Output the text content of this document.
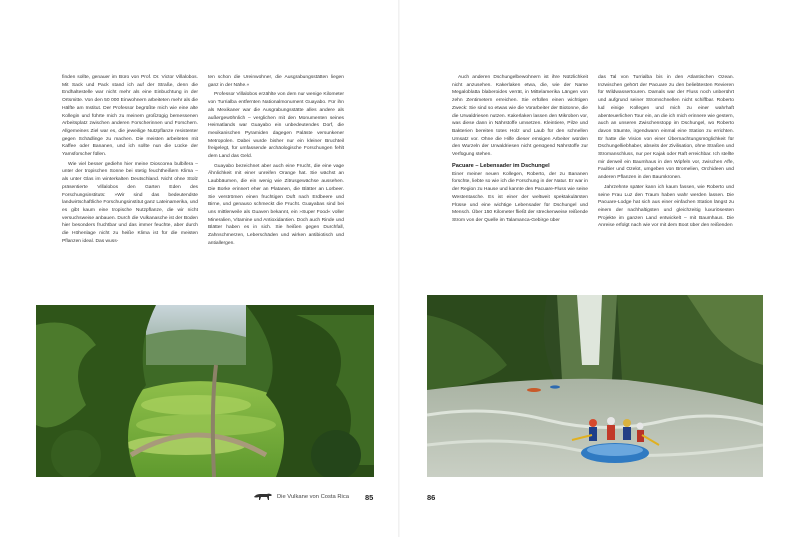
finden sollte, genauer im Büro von Prof. Dr. Victor Villalobos. Mit Sack und Pack stand ich auf der Straße, denn die Endhaltestelle war nicht mehr als eine Einbuchtung in der Ortsmitte. Von den 50 000 Einwohnern arbeiteten mehr als die Hälfte am Institut. Der Professor begrüßte mich wie eine alte Kollegin und führte mich zu meinem großzügig bemessenen Arbeitsplatz zwischen anderen Forscherinnen und Forschern. Allgemeines Ziel war es, die jeweilige Nutzpflanze resistenter gegen Schädlinge zu machen. Die meisten arbeiteten mit Kaffee oder Bananen, und ich sollte nun die Lücke der Yamsforscher füllen.

Wie viel besser gediehn hier meine Dioscorea bulbifera – unter der tropischen Sonne bei stetig feuchtheißem Klima – als unter Glas im winterkalten Deutschland. Nicht ohne Stolz präsentierte Villalobos den Garten Eden des Forschungsinstituts: »Wir sind das bedeutendste landwirtschaftliche Forschungsinstitut ganz Lateinamerika, und es gibt kaum eine tropische Nutzpflanze, die wir nicht versuchsweise anbauen. Durch die Vulkanasche ist der Boden hier besonders fruchtbar und das immer feuchte, aber durch die Höhenlage nicht zu heiße Klima ist für die meisten Pflanzen ideal. Das wuss-

ten schon die Ureinwohner, die Ausgrabungsstätten liegen ganz in der Nähe.«

Professor Villalobos erzählte von dem nur wenige Kilometer von Turrialba entfernten Nationalmonument Guayabo. Für ihn als Mexikaner war die Ausgrabungsstätte alles andere als außergewöhnlich – verglichen mit den Monumenten seines Heimatlands war Guayabo ein unbedeutendes Dorf, die mexikanischen Pyramiden dagegen Paläste versunkener Metropolen. Dabei wurde bisher nur ein kleiner Bruchteil freigelegt, für umfassende archäologische Forschungen fehlt dem Land das Geld.

Guayabo bezeichnet aber auch eine Frucht, die eine vage Ähnlichkeit mit einer unreifen Orange hat. Sie wächst an Laubbäumen, die ein wenig wie Zitrusgewächse aussehen. Die Borke erinnert eher an Platanen, die Blätter an Lorbeer. Sie verströmen einen fruchtigen Duft nach Erdbeere und Birne, und genauso schmeckt die Frucht. Guayabas sind bei uns mittlerweile als Guaven bekannt, ein »Super Food« voller Mineralien, Vitamine und Antioxidantien. Doch auch Rinde und Blätter haben es in sich. Sie heißen gegen Durchfall, Zahnschmerzen, Leberschäden und wirken antibiotisch und antiallergen.

Die Vulkane von Costa Rica 85

Auch anderen Dschungelbewohnern ist ihre Nützlichkeit nicht anzusehen. Kakerlaken etwa, die, wie der Name Megaloblatta blaberoides verrät, in Mittelamerika Längen von zehn Zentimetern erreichen. Sie erfüllen einen wichtigen Zweck: Sie sind so etwas wie die Vorarbeiter der Biotonne, die die Urwaldriesen nutzen. Kakerlaken lassen den Mikroben vor, was diese dann in Nährstoffe umsetzen. Kleintiere, Pilze und Bakterien bereiten totes Holz und Laub für den schnellen Umsatz vor. Ohne die Hilfe dieser emsigen Arbeiter würden den Wurzeln der Urwaldriesen nicht genügend Nährstoffe zur Verfügung stehen.

Pacuare – Lebensader im Dschungel

Einer meiner neuen Kollegen, Roberto, der zu Bananen forschte, liebte so wie ich die Forschung in der Natur. Er war in der Region zu Hause und kannte den Pacuare-Fluss wie seine Westentasche. Es ist einer der weltweit spektakulärsten Flüsse und eine wichtige Lebensader für Dschungel und Mensch. Über 150 Kilometer fließt der streckenweise reißende Strom von der Quelle im Talamanca-Gebirge über

das Tal von Turrialba bis in den Atlantischen Ozean. Inzwischen gehört der Pacuare zu den beliebtesten Revieren für Wildwassertouren. Damals war der Fluss noch unberührt und aufgrund seiner Stromschnellen nicht schiffbar. Roberto lud einige Kollegen und mich zu einer wahrhaft abenteuerlichen Tour ein, an die ich mich erinnere wie gestern, auch an unseren Zwischenstopp im Dschungel, wo Roberto davon träumte, irgendwann einmal eine Station zu errichten. Er hatte die Vision von einer Übernachtungsmöglichkeit für Dschungelliebhaber, abseits der Zivilisation, ohne Straßen und Stromanschluss, nur per Kajak oder Raft erreichbar. Ich stellte mir derweil ein Baumhaus in den Wipfeln vor, zwischen Affe, Faultier und Ozelot, umgeben von Bromelien, Orchideen und anderen Pflanzen in den Baumkronen.

Jahrzehnte später kann ich kaum fassen, wie Roberto und seine Frau Luz den Traum haben wahr werden lassen. Die Pacuare-Lodge hat sich aus einer einfachen Station längst zu einem der nachhaltigsten und gleichzeitig luxuriösesten Projekte im ganzen Land entwickelt – mit Baumhaus. Die Anreise erfolgt nach wie vor mit dem Boot über den reißenden

86
